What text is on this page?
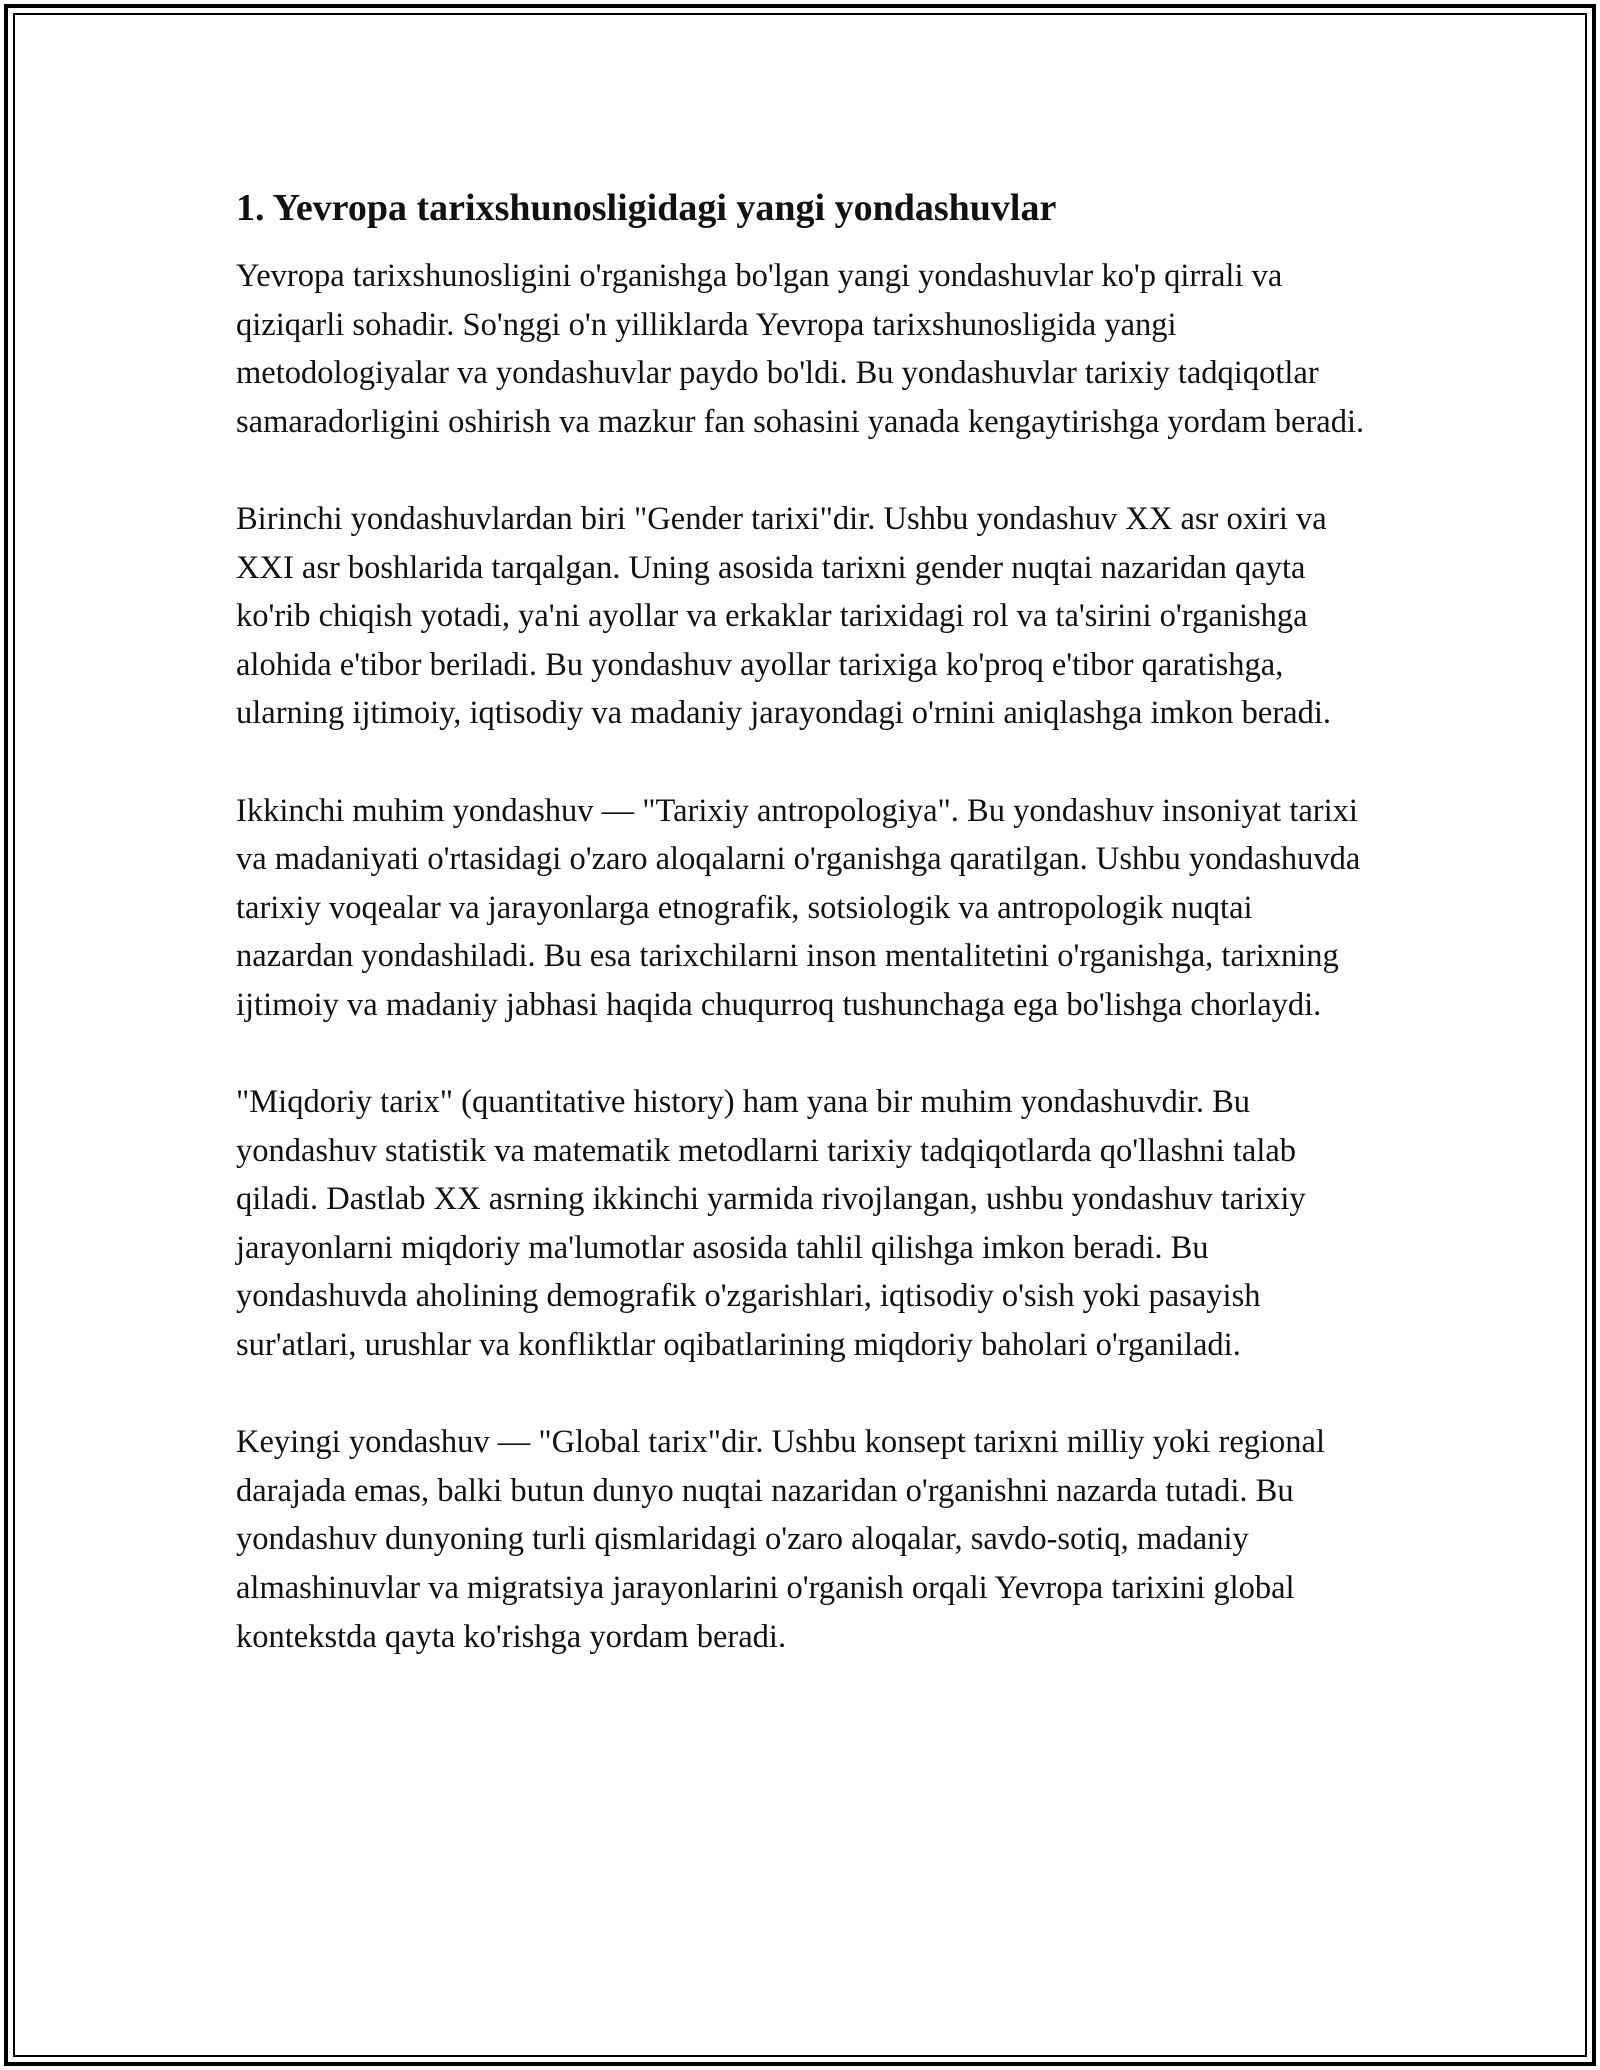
1. Yevropa tarixshunosligidagi yangi yondashuvlar

Yevropa tarixshunosligini o'rganishga bo'lgan yangi yondashuvlar ko'p qirrali va qiziqarli sohadir. So'nggi o'n yilliklarda Yevropa tarixshunosligida yangi metodologiyalar va yondashuvlar paydo bo'ldi. Bu yondashuvlar tarixiy tadqiqotlar samaradorligini oshirish va mazkur fan sohasini yanada kengaytirishga yordam beradi.

Birinchi yondashuvlardan biri "Gender tarixi"dir. Ushbu yondashuv XX asr oxiri va XXI asr boshlarida tarqalgan. Uning asosida tarixni gender nuqtai nazaridan qayta ko'rib chiqish yotadi, ya'ni ayollar va erkaklar tarixidagi rol va ta'sirini o'rganishga alohida e'tibor beriladi. Bu yondashuv ayollar tarixiga ko'proq e'tibor qaratishga, ularning ijtimoiy, iqtisodiy va madaniy jarayondagi o'rnini aniqlashga imkon beradi.

Ikkinchi muhim yondashuv — "Tarixiy antropologiya". Bu yondashuv insoniyat tarixi va madaniyati o'rtasidagi o'zaro aloqalarni o'rganishga qaratilgan. Ushbu yondashuvda tarixiy voqealar va jarayonlarga etnografik, sotsiologik va antropologik nuqtai nazardan yondashiladi. Bu esa tarixchilarni inson mentalitetini o'rganishga, tarixning ijtimoiy va madaniy jabhasi haqida chuqurroq tushunchaga ega bo'lishga chorlaydi.

"Miqdoriy tarix" (quantitative history) ham yana bir muhim yondashuvdir. Bu yondashuv statistik va matematik metodlarni tarixiy tadqiqotlarda qo'llashni talab qiladi. Dastlab XX asrning ikkinchi yarmida rivojlangan, ushbu yondashuv tarixiy jarayonlarni miqdoriy ma'lumotlar asosida tahlil qilishga imkon beradi. Bu yondashuvda aholining demografik o'zgarishlari, iqtisodiy o'sish yoki pasayish sur'atlari, urushlar va konfliktlar oqibatlarining miqdoriy baholari o'rganiladi.

Keyingi yondashuv — "Global tarix"dir. Ushbu konsept tarixni milliy yoki regional darajada emas, balki butun dunyo nuqtai nazaridan o'rganishni nazarda tutadi. Bu yondashuv dunyoning turli qismlaridagi o'zaro aloqalar, savdo-sotiq, madaniy almashinuvlar va migratsiya jarayonlarini o'rganish orqali Yevropa tarixini global kontekstda qayta ko'rishga yordam beradi.
